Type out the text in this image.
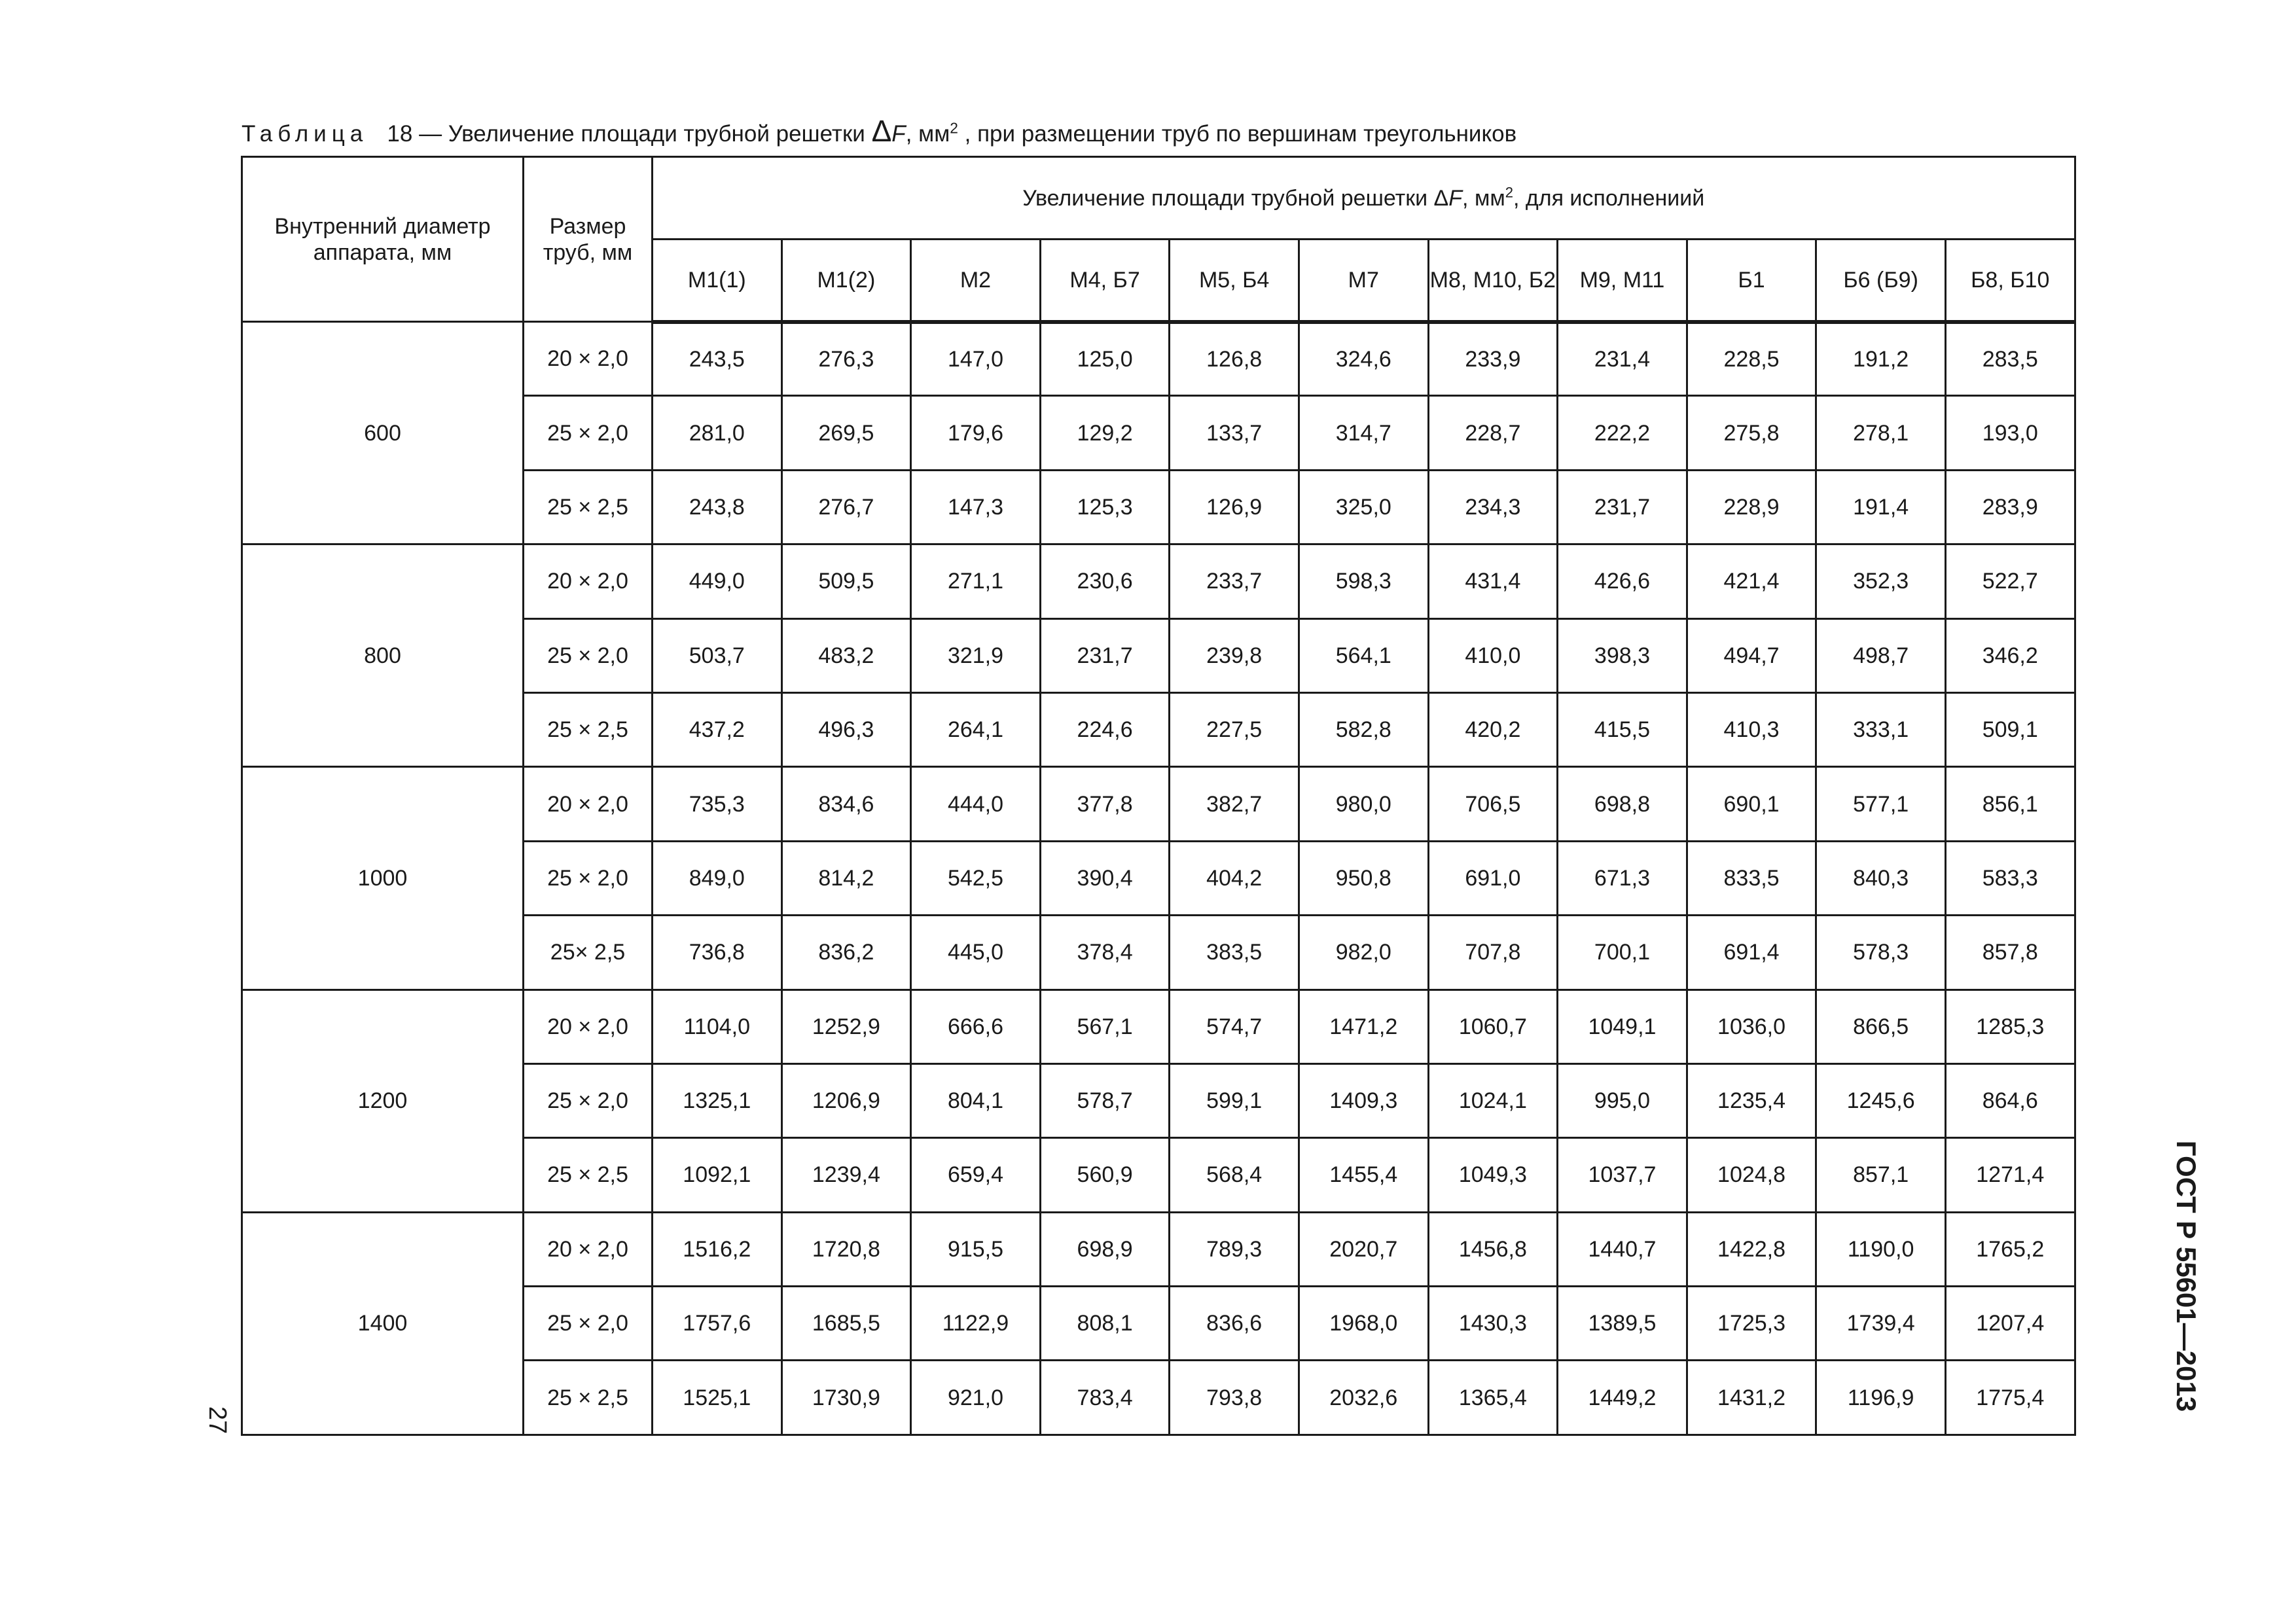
Таблица 18 — Увеличение площади трубной решетки ΔF, $мм^2$ , при размещении труб по вершинам треугольников
Внутренний диаметр аппарата, мм	Размер труб, мм	Увеличение площади трубной решетки ΔF, $мм^2$, для исполнениий										
		М1(1)	М1(2)	М2	М4, Б7	М5, Б4	М7	М8, М10, Б2	М9, М11	Б1	Б6 (Б9)	Б8, Б10
600	20 × 2,0	243,5	276,3	147,0	125,0	126,8	324,6	233,9	231,4	228,5	191,2	283,5
	25 × 2,0	281,0	269,5	179,6	129,2	133,7	314,7	228,7	222,2	275,8	278,1	193,0
	25 × 2,5	243,8	276,7	147,3	125,3	126,9	325,0	234,3	231,7	228,9	191,4	283,9
800	20 × 2,0	449,0	509,5	271,1	230,6	233,7	598,3	431,4	426,6	421,4	352,3	522,7
	25 × 2,0	503,7	483,2	321,9	231,7	239,8	564,1	410,0	398,3	494,7	498,7	346,2
	25 × 2,5	437,2	496,3	264,1	224,6	227,5	582,8	420,2	415,5	410,3	333,1	509,1
1000	20 × 2,0	735,3	834,6	444,0	377,8	382,7	980,0	706,5	698,8	690,1	577,1	856,1
	25 × 2,0	849,0	814,2	542,5	390,4	404,2	950,8	691,0	671,3	833,5	840,3	583,3
	25× 2,5	736,8	836,2	445,0	378,4	383,5	982,0	707,8	700,1	691,4	578,3	857,8
1200	20 × 2,0	1104,0	1252,9	666,6	567,1	574,7	1471,2	1060,7	1049,1	1036,0	866,5	1285,3
	25 × 2,0	1325,1	1206,9	804,1	578,7	599,1	1409,3	1024,1	995,0	1235,4	1245,6	864,6
	25 × 2,5	1092,1	1239,4	659,4	560,9	568,4	1455,4	1049,3	1037,7	1024,8	857,1	1271,4
1400	20 × 2,0	1516,2	1720,8	915,5	698,9	789,3	2020,7	1456,8	1440,7	1422,8	1190,0	1765,2
	25 × 2,0	1757,6	1685,5	1122,9	808,1	836,6	1968,0	1430,3	1389,5	1725,3	1739,4	1207,4
	25 × 2,5	1525,1	1730,9	921,0	783,4	793,8	2032,6	1365,4	1449,2	1431,2	1196,9	1775,4
27
ГОСТ Р 55601—2013
